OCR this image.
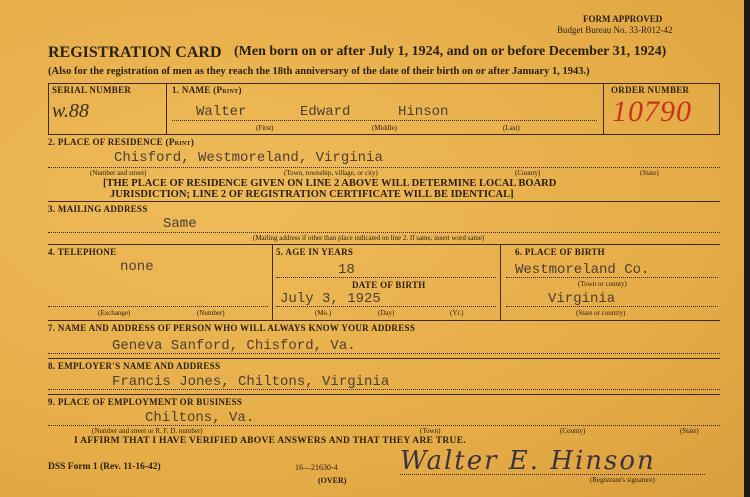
FORM APPROVED
Budget Bureau No. 33-R012-42
REGISTRATION CARD (Men born on or after July 1, 1924, and on or before December 31, 1924)
(Also for the registration of men as they reach the 18th anniversary of the date of their birth on or after January 1, 1943.)
SERIAL NUMBER
w.88
1. NAME (Print)
Walter	Edward	Hinson
(First)	(Middle)	(Last)
ORDER NUMBER
10790
2. PLACE OF RESIDENCE (Print)
Chisford, Westmoreland, Virginia
(Number and street)	(Town, township, village, or city)	(County)	(State)
[THE PLACE OF RESIDENCE GIVEN ON LINE 2 ABOVE WILL DETERMINE LOCAL BOARD
JURISDICTION; LINE 2 OF REGISTRATION CERTIFICATE WILL BE IDENTICAL]
3. MAILING ADDRESS
Same
(Mailing address if other than place indicated on line 2. If same, insert word same)
4. TELEPHONE
none
(Exchange)	(Number)
5. AGE IN YEARS
18
DATE OF BIRTH
July 3, 1925
(Mo.)	(Day)	(Yr.)
6. PLACE OF BIRTH
Westmoreland Co.
(Town or county)
Virginia
(State or country)
7. NAME AND ADDRESS OF PERSON WHO WILL ALWAYS KNOW YOUR ADDRESS
Geneva Sanford, Chisford, Va.
8. EMPLOYER'S NAME AND ADDRESS
Francis Jones, Chiltons, Virginia
9. PLACE OF EMPLOYMENT OR BUSINESS
Chiltons, Va.
(Number and street or R. F. D. number)	(Town)	(County)	(State)
I AFFIRM THAT I HAVE VERIFIED ABOVE ANSWERS AND THAT THEY ARE TRUE.
DSS Form 1 (Rev. 11-16-42)	16—21630-4
(OVER)
Walter E. Hinson
(Registrant's signature)
